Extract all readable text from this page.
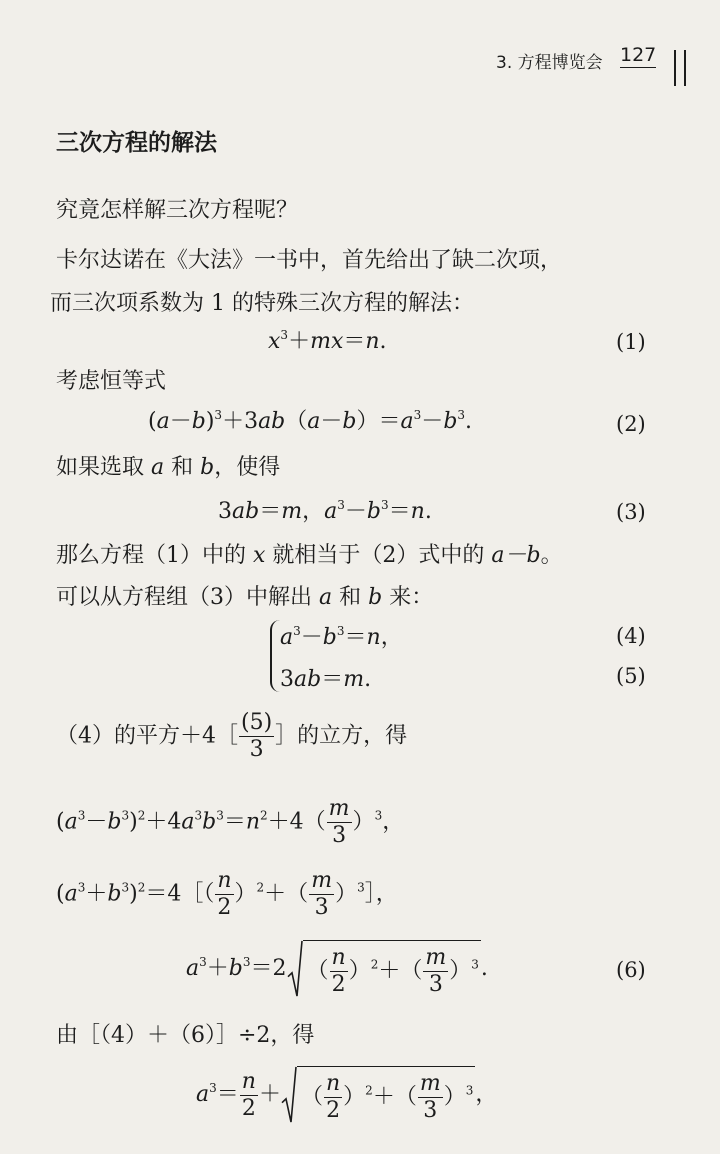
3. 方程博览会 127
三次方程的解法
究竟怎样解三次方程呢？
卡尔达诺在《大法》一书中，首先给出了缺二次项，
而三次项系数为 1 的特殊三次方程的解法：
$x^3+mx=n$.	(1)
考虑恒等式
$(a-b)^3+3ab(a-b)=a^3-b^3$.	(2)
如果选取 a 和 b，使得
3ab＝m，$a^3-b^3=n$.	(3)
那么方程（1）中的 x 就相当于（2）式中的 a－b。
可以从方程组（3）中解出 a 和 b 来：
$a^3-b^3=n$，	(4)
3ab＝m.	(5)
（4）的平方＋4［ $\frac{(5)}{3}$ ］的立方，得
$(a^3-b^3)^2+4a^3b^3=n^2+4( \frac{m}{3} )^3$，
$(a^3+b^3)^2=4[( \frac{n}{2} )^2+( \frac{m}{3}$ ）$^3]$，
$a^3+b^3=2$ （ $\frac{n}{2} )^2+( \frac{m}{3} )^3$.	(6)
由［（4）＋（6）］÷2，得
$a^3= \frac{n}{2}$ ＋ （ $\frac{n}{2} )^2+( \frac{m}{3} )^3$，
